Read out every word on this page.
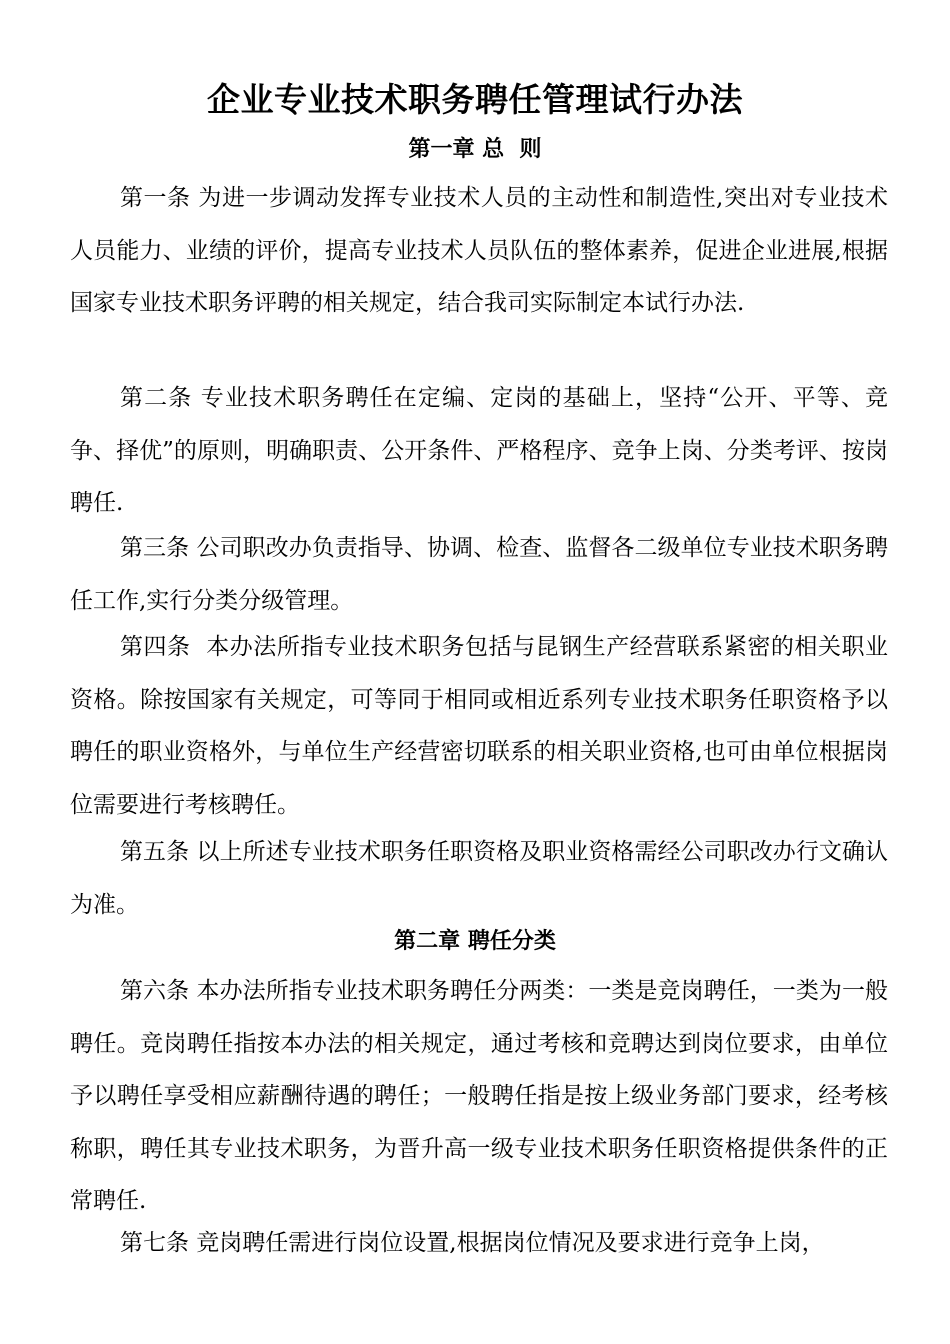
企业专业技术职务聘任管理试行办法
第一章 总  则

第一条 为进一步调动发挥专业技术人员的主动性和制造性,突出对专业技术人员能力、业绩的评价，提高专业技术人员队伍的整体素养，促进企业进展,根据国家专业技术职务评聘的相关规定，结合我司实际制定本试行办法.

第二条 专业技术职务聘任在定编、定岗的基础上，坚持“公开、平等、竞争、择优”的原则，明确职责、公开条件、严格程序、竞争上岗、分类考评、按岗聘任.

第三条 公司职改办负责指导、协调、检查、监督各二级单位专业技术职务聘任工作,实行分类分级管理。

第四条  本办法所指专业技术职务包括与昆钢生产经营联系紧密的相关职业资格。除按国家有关规定，可等同于相同或相近系列专业技术职务任职资格予以聘任的职业资格外，与单位生产经营密切联系的相关职业资格,也可由单位根据岗位需要进行考核聘任。

第五条 以上所述专业技术职务任职资格及职业资格需经公司职改办行文确认为准。

第二章 聘任分类

第六条 本办法所指专业技术职务聘任分两类：一类是竞岗聘任，一类为一般聘任。竞岗聘任指按本办法的相关规定，通过考核和竞聘达到岗位要求，由单位予以聘任享受相应薪酬待遇的聘任；一般聘任指是按上级业务部门要求，经考核称职，聘任其专业技术职务，为晋升高一级专业技术职务任职资格提供条件的正常聘任.

第七条 竞岗聘任需进行岗位设置,根据岗位情况及要求进行竞争上岗，
